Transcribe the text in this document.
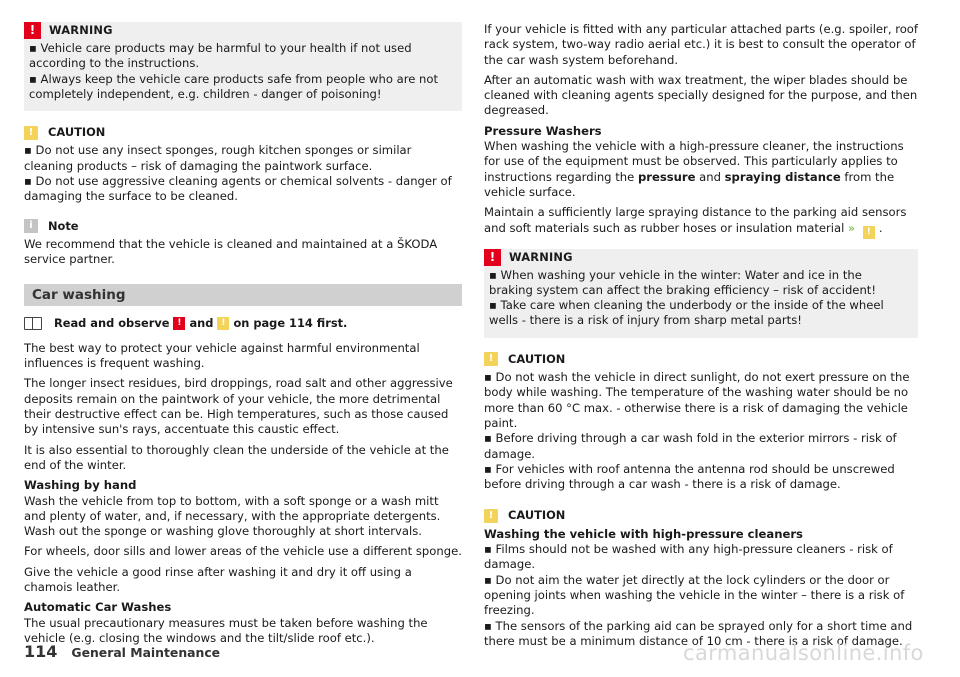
!	WARNING
▪ Vehicle care products may be harmful to your health if not used according to the instructions.
▪ Always keep the vehicle care products safe from people who are not completely independent, e.g. children - danger of poisoning!
!	CAUTION
▪ Do not use any insect sponges, rough kitchen sponges or similar cleaning products – risk of damaging the paintwork surface.
▪ Do not use aggressive cleaning agents or chemical solvents - danger of damaging the surface to be cleaned.
i	Note
We recommend that the vehicle is cleaned and maintained at a ŠKODA service partner.
Car washing
Read and observe ! and ! on page 114 first.

The best way to protect your vehicle against harmful environmental influences is frequent washing.

The longer insect residues, bird droppings, road salt and other aggressive deposits remain on the paintwork of your vehicle, the more detrimental their destructive effect can be. High temperatures, such as those caused by intensive sun's rays, accentuate this caustic effect.

It is also essential to thoroughly clean the underside of the vehicle at the end of the winter.

Washing by hand

Wash the vehicle from top to bottom, with a soft sponge or a wash mitt and plenty of water, and, if necessary, with the appropriate detergents. Wash out the sponge or washing glove thoroughly at short intervals.

For wheels, door sills and lower areas of the vehicle use a different sponge.

Give the vehicle a good rinse after washing it and dry it off using a chamois leather.

Automatic Car Washes

The usual precautionary measures must be taken before washing the vehicle (e.g. closing the windows and the tilt/slide roof etc.).

If your vehicle is fitted with any particular attached parts (e.g. spoiler, roof rack system, two-way radio aerial etc.) it is best to consult the operator of the car wash system beforehand.

After an automatic wash with wax treatment, the wiper blades should be cleaned with cleaning agents specially designed for the purpose, and then degreased.

Pressure Washers

When washing the vehicle with a high-pressure cleaner, the instructions for use of the equipment must be observed. This particularly applies to instructions regarding the pressure and spraying distance from the vehicle surface.

Maintain a sufficiently large spraying distance to the parking aid sensors and soft materials such as rubber hoses or insulation material » ! .

!	WARNING
▪ When washing your vehicle in the winter: Water and ice in the braking system can affect the braking efficiency – risk of accident!
▪ Take care when cleaning the underbody or the inside of the wheel wells - there is a risk of injury from sharp metal parts!
!	CAUTION
▪ Do not wash the vehicle in direct sunlight, do not exert pressure on the body while washing. The temperature of the washing water should be no more than 60 °C max. - otherwise there is a risk of damaging the vehicle paint.
▪ Before driving through a car wash fold in the exterior mirrors - risk of damage.
▪ For vehicles with roof antenna the antenna rod should be unscrewed before driving through a car wash - there is a risk of damage.
!	CAUTION
Washing the vehicle with high-pressure cleaners
▪ Films should not be washed with any high-pressure cleaners - risk of damage.
▪ Do not aim the water jet directly at the lock cylinders or the door or opening joints when washing the vehicle in the winter – there is a risk of freezing.
▪ The sensors of the parking aid can be sprayed only for a short time and there must be a minimum distance of 10 cm - there is a risk of damage.
114 General Maintenance	carmanualsonline.info
